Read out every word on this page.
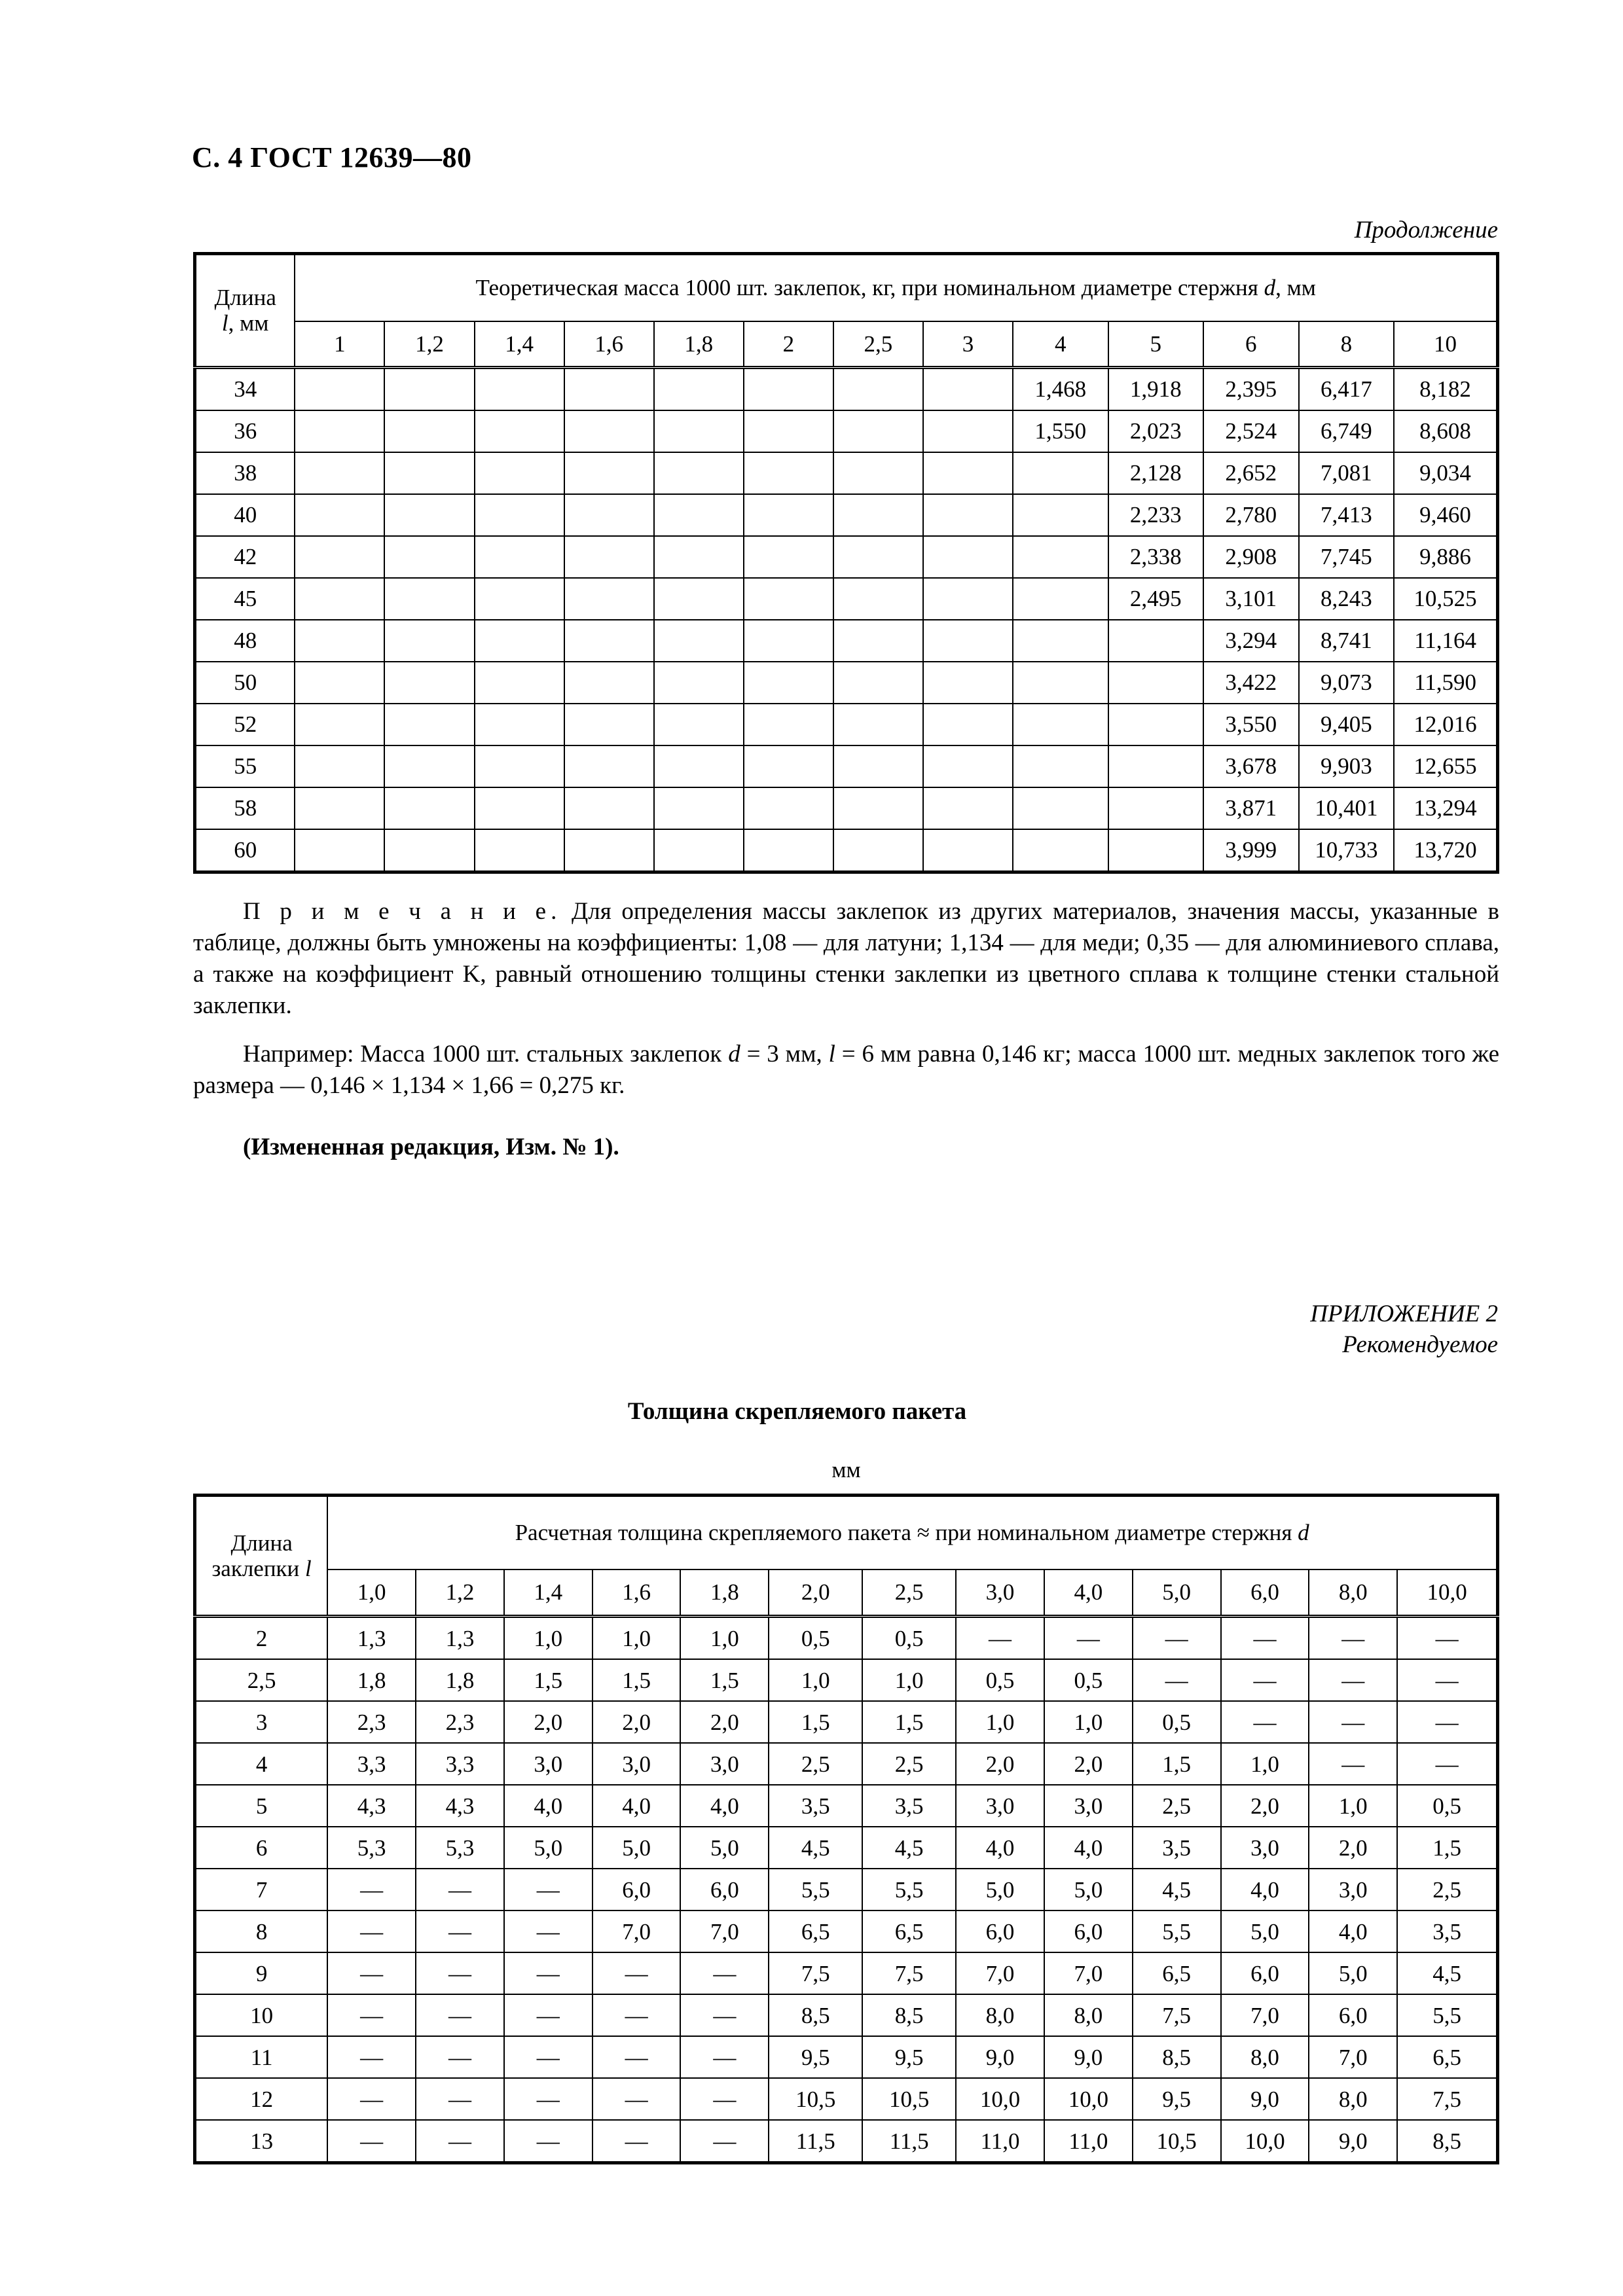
С. 4 ГОСТ 12639—80
Продолжение
Длина
l, мм	Теоретическая масса 1000 шт. заклепок, кг, при номинальном диаметре стержня d, мм												
	1	1,2	1,4	1,6	1,8	2	2,5	3	4	5	6	8	10
34									1,468	1,918	2,395	6,417	8,182
36									1,550	2,023	2,524	6,749	8,608
38										2,128	2,652	7,081	9,034
40										2,233	2,780	7,413	9,460
42										2,338	2,908	7,745	9,886
45										2,495	3,101	8,243	10,525
48											3,294	8,741	11,164
50											3,422	9,073	11,590
52											3,550	9,405	12,016
55											3,678	9,903	12,655
58											3,871	10,401	13,294
60											3,999	10,733	13,720
П р и м е ч а н и е. Для определения массы заклепок из других материалов, значения массы, указанные в таблице, должны быть умножены на коэффициенты: 1,08 — для латуни; 1,134 — для меди; 0,35 — для алюминиевого сплава, а также на коэффициент K, равный отношению толщины стенки заклепки из цветного сплава к толщине стенки стальной заклепки.
Например: Масса 1000 шт. стальных заклепок d = 3 мм, l = 6 мм равна 0,146 кг; масса 1000 шт. медных заклепок того же размера — 0,146 × 1,134 × 1,66 = 0,275 кг.
(Измененная редакция, Изм. № 1).
ПРИЛОЖЕНИЕ 2
Рекомендуемое
Толщина скрепляемого пакета
мм
Длина
заклепки l	Расчетная толщина скрепляемого пакета ≈ при номинальном диаметре стержня d												
	1,0	1,2	1,4	1,6	1,8	2,0	2,5	3,0	4,0	5,0	6,0	8,0	10,0
2	1,3	1,3	1,0	1,0	1,0	0,5	0,5	—	—	—	—	—	—
2,5	1,8	1,8	1,5	1,5	1,5	1,0	1,0	0,5	0,5	—	—	—	—
3	2,3	2,3	2,0	2,0	2,0	1,5	1,5	1,0	1,0	0,5	—	—	—
4	3,3	3,3	3,0	3,0	3,0	2,5	2,5	2,0	2,0	1,5	1,0	—	—
5	4,3	4,3	4,0	4,0	4,0	3,5	3,5	3,0	3,0	2,5	2,0	1,0	0,5
6	5,3	5,3	5,0	5,0	5,0	4,5	4,5	4,0	4,0	3,5	3,0	2,0	1,5
7	—	—	—	6,0	6,0	5,5	5,5	5,0	5,0	4,5	4,0	3,0	2,5
8	—	—	—	7,0	7,0	6,5	6,5	6,0	6,0	5,5	5,0	4,0	3,5
9	—	—	—	—	—	7,5	7,5	7,0	7,0	6,5	6,0	5,0	4,5
10	—	—	—	—	—	8,5	8,5	8,0	8,0	7,5	7,0	6,0	5,5
11	—	—	—	—	—	9,5	9,5	9,0	9,0	8,5	8,0	7,0	6,5
12	—	—	—	—	—	10,5	10,5	10,0	10,0	9,5	9,0	8,0	7,5
13	—	—	—	—	—	11,5	11,5	11,0	11,0	10,5	10,0	9,0	8,5
